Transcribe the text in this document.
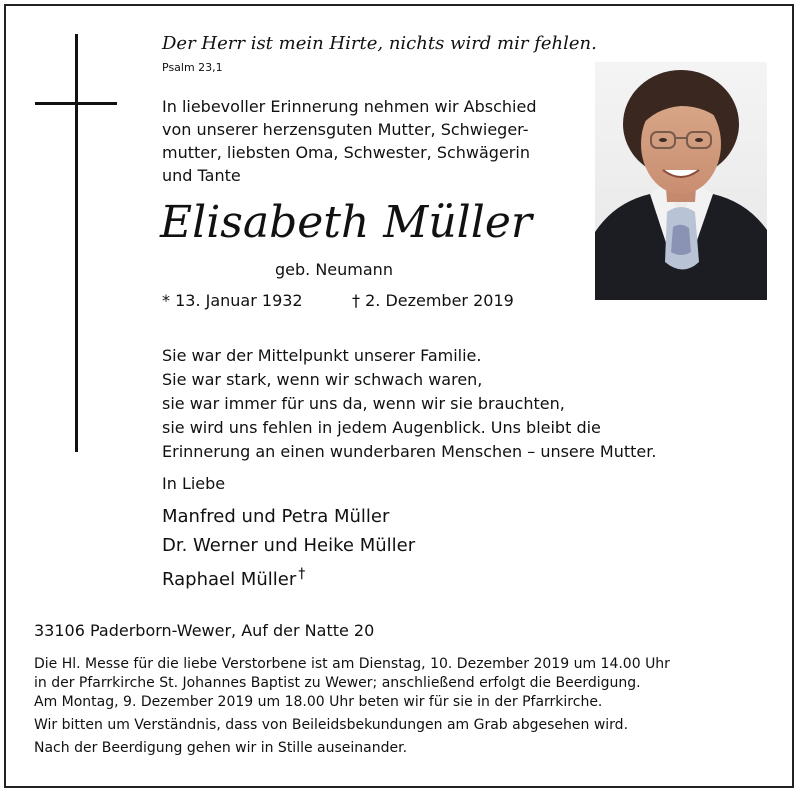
Der Herr ist mein Hirte, nichts wird mir fehlen.
Psalm 23,1
In liebevoller Erinnerung nehmen wir Abschied
von unserer herzensguten Mutter, Schwieger-
mutter, liebsten Oma, Schwester, Schwägerin
und Tante
Elisabeth Müller
geb. Neumann
* 13. Januar 1932	† 2. Dezember 2019
Sie war der Mittelpunkt unserer Familie.
Sie war stark, wenn wir schwach waren,
sie war immer für uns da, wenn wir sie brauchten,
sie wird uns fehlen in jedem Augenblick. Uns bleibt die
Erinnerung an einen wunderbaren Menschen – unsere Mutter.
In Liebe
Manfred und Petra Müller
Dr. Werner und Heike Müller
Raphael Müller †
33106 Paderborn-Wewer, Auf der Natte 20
Die Hl. Messe für die liebe Verstorbene ist am Dienstag, 10. Dezember 2019 um 14.00 Uhr
in der Pfarrkirche St. Johannes Baptist zu Wewer; anschließend erfolgt die Beerdigung.
Am Montag, 9. Dezember 2019 um 18.00 Uhr beten wir für sie in der Pfarrkirche.
Wir bitten um Verständnis, dass von Beileidsbekundungen am Grab abgesehen wird.
Nach der Beerdigung gehen wir in Stille auseinander.
